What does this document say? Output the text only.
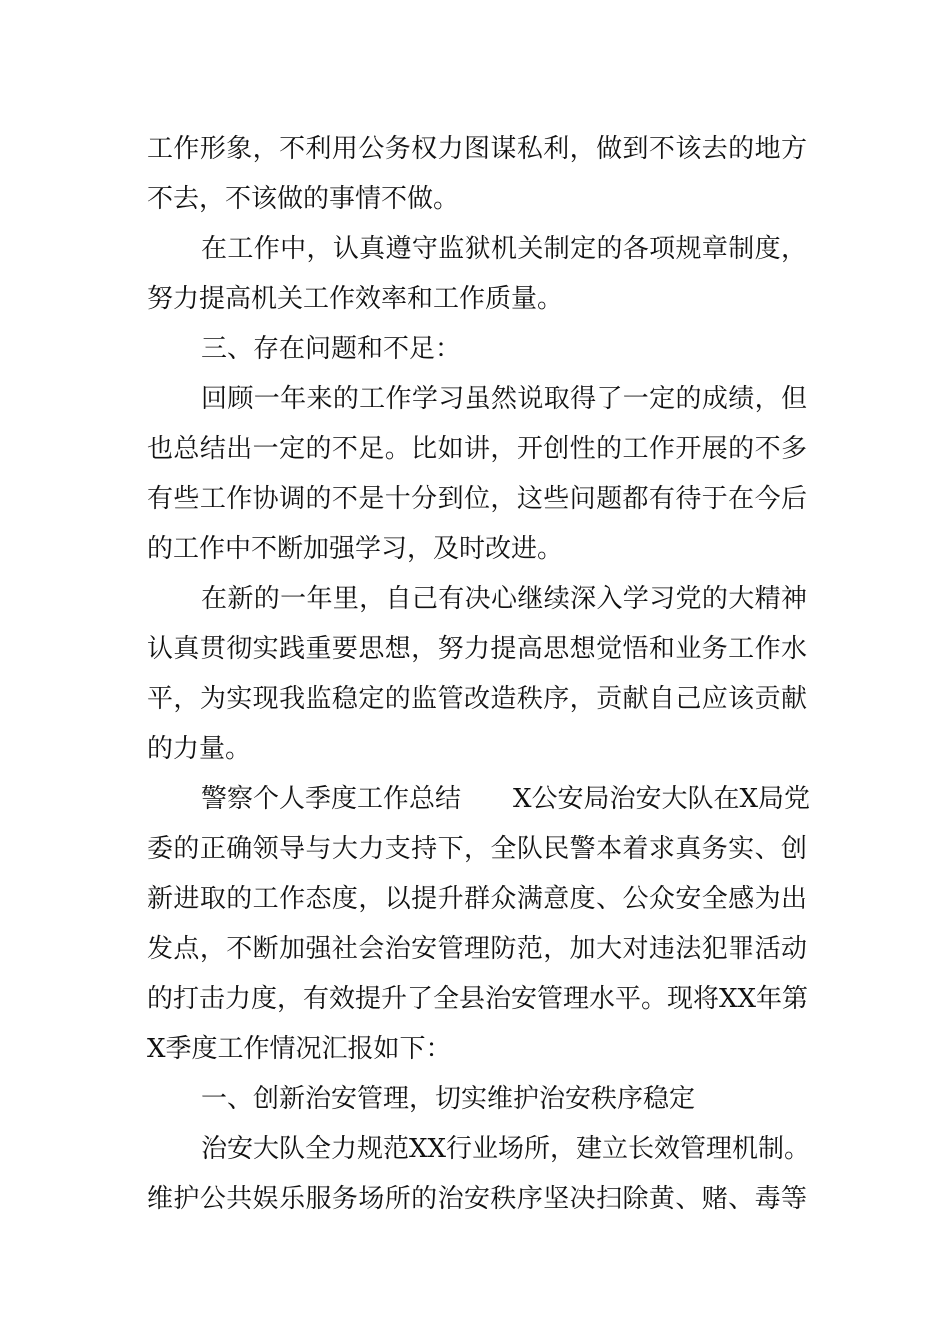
工作形象，不利用公务权力图谋私利，做到不该去的地方
不去，不该做的事情不做。
在工作中，认真遵守监狱机关制定的各项规章制度，
努力提高机关工作效率和工作质量。
三、存在问题和不足：
回顾一年来的工作学习虽然说取得了一定的成绩，但
也总结出一定的不足。比如讲，开创性的工作开展的不多
有些工作协调的不是十分到位，这些问题都有待于在今后
的工作中不断加强学习，及时改进。
在新的一年里，自己有决心继续深入学习党的大精神
认真贯彻实践重要思想，努力提高思想觉悟和业务工作水
平，为实现我监稳定的监管改造秩序，贡献自己应该贡献
的力量。
警察个人季度工作总结　　X公安局治安大队在X局党
委的正确领导与大力支持下，全队民警本着求真务实、创
新进取的工作态度，以提升群众满意度、公众安全感为出
发点，不断加强社会治安管理防范，加大对违法犯罪活动
的打击力度，有效提升了全县治安管理水平。现将XX年第
X季度工作情况汇报如下：
一、创新治安管理，切实维护治安秩序稳定
治安大队全力规范XX行业场所，建立长效管理机制。
维护公共娱乐服务场所的治安秩序坚决扫除黄、赌、毒等
